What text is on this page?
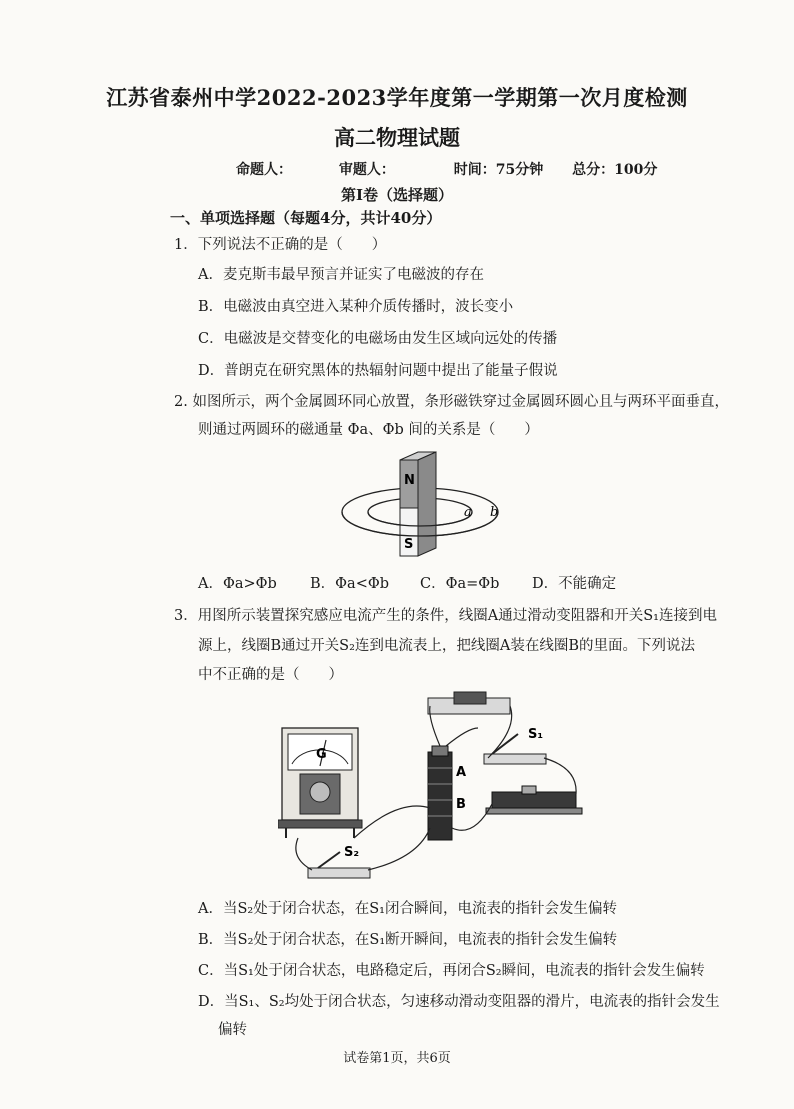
江苏省泰州中学2022-2023学年度第一学期第一次月度检测
高二物理试题
命题人：	审题人：	时间：75分钟 总分：100分
第Ⅰ卷（选择题）
一、单项选择题（每题4分，共计40分）
1．下列说法不正确的是（　　）
A．麦克斯韦最早预言并证实了电磁波的存在
B．电磁波由真空进入某种介质传播时，波长变小
C．电磁波是交替变化的电磁场由发生区域向远处的传播
D．普朗克在研究黑体的热辐射问题中提出了能量子假说
2. 如图所示，两个金属圆环同心放置，条形磁铁穿过金属圆环圆心且与两环平面垂直，
则通过两圆环的磁通量 Φa、Φb 间的关系是（　　）
N
S
a b
A．Φa>Φb B．Φa<Φb C．Φa=Φb D．不能确定
3．用图所示装置探究感应电流产生的条件，线圈A通过滑动变阻器和开关S₁连接到电
源上，线圈B通过开关S₂连到电流表上，把线圈A装在线圈B的里面。下列说法
中不正确的是（　　）
G
A
B
S₁
S₂
A．当S₂处于闭合状态，在S₁闭合瞬间，电流表的指针会发生偏转
B．当S₂处于闭合状态，在S₁断开瞬间，电流表的指针会发生偏转
C．当S₁处于闭合状态，电路稳定后，再闭合S₂瞬间，电流表的指针会发生偏转
D．当S₁、S₂均处于闭合状态，匀速移动滑动变阻器的滑片，电流表的指针会发生
偏转
试卷第1页，共6页
